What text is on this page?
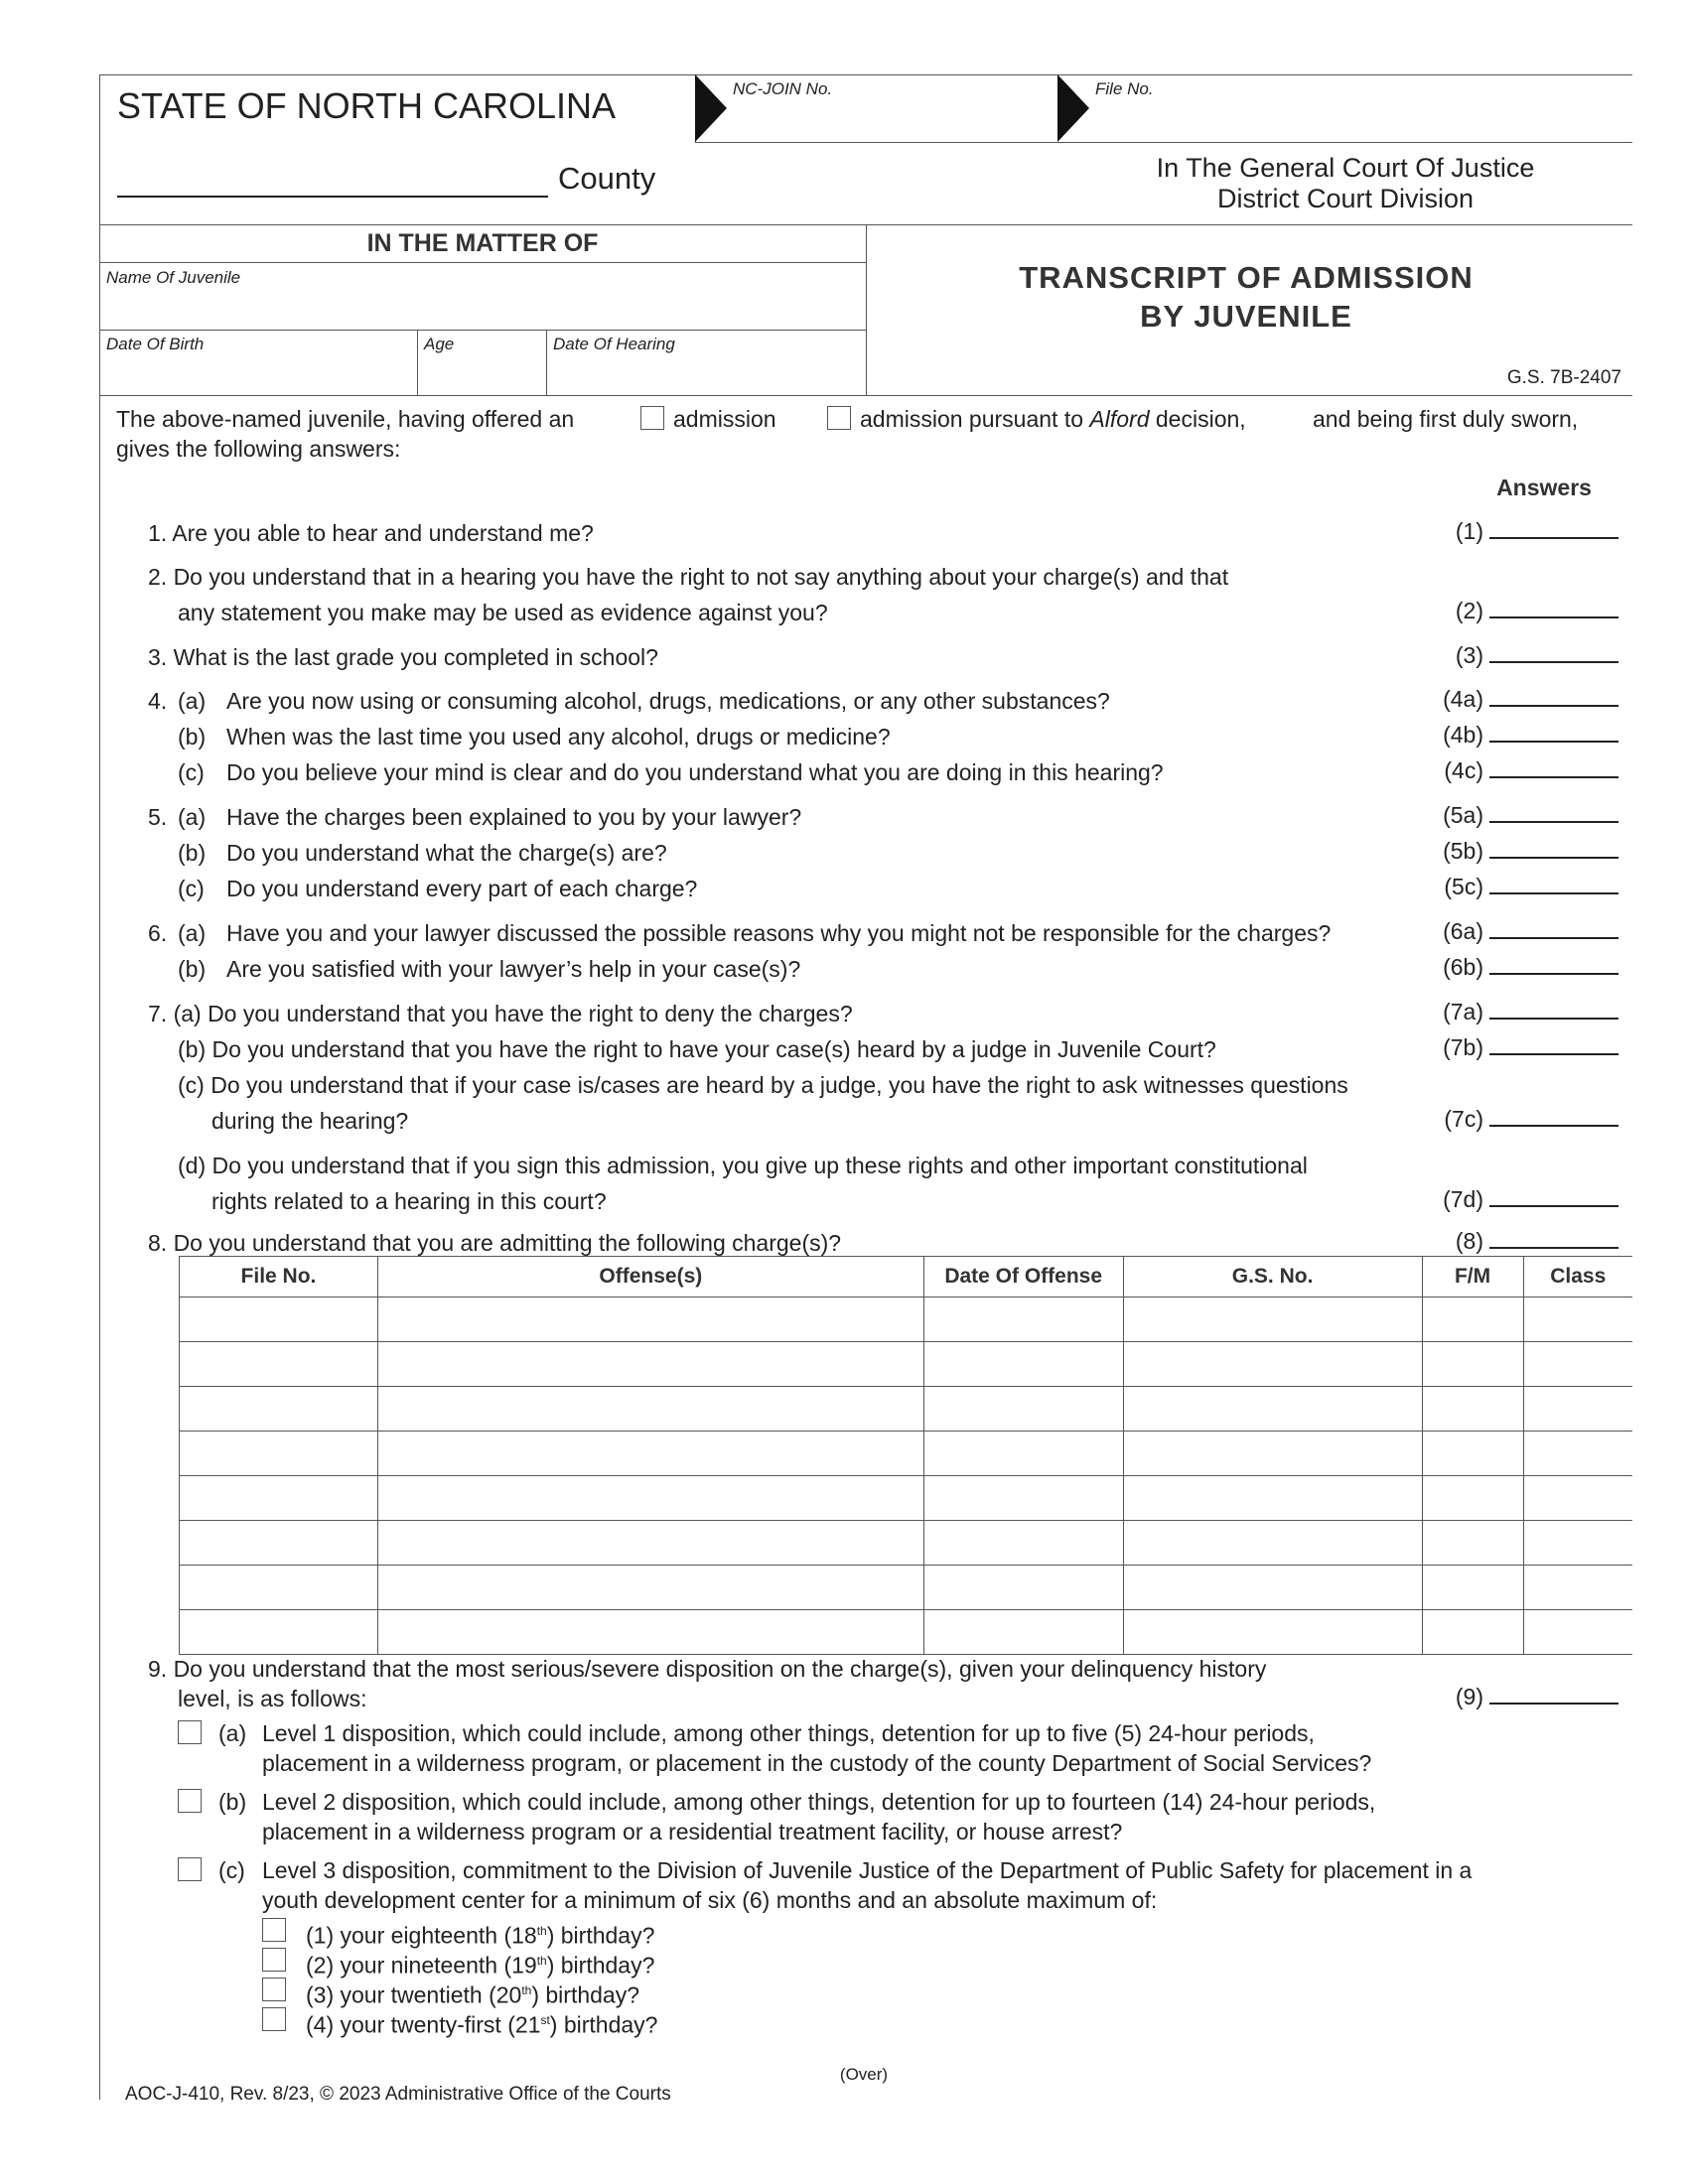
STATE OF NORTH CAROLINA
County
NC-JOIN No.	File No.
In The General Court Of Justice
District Court Division
IN THE MATTER OF
Name Of Juvenile
Date Of Birth	Age	Date Of Hearing
TRANSCRIPT OF ADMISSION
BY JUVENILE
G.S. 7B-2407
The above-named juvenile, having offered an	admission	admission pursuant to Alford decision,	and being first duly sworn,
gives the following answers:
Answers
1. Are you able to hear and understand me?	(1)
2. Do you understand that in a hearing you have the right to not say anything about your charge(s) and that
any statement you make may be used as evidence against you?	(2)
3. What is the last grade you completed in school?	(3)
4. (a) Are you now using or consuming alcohol, drugs, medications, or any other substances?	(4a)
(b) When was the last time you used any alcohol, drugs or medicine?	(4b)
(c) Do you believe your mind is clear and do you understand what you are doing in this hearing?	(4c)
5. (a) Have the charges been explained to you by your lawyer?	(5a)
(b) Do you understand what the charge(s) are?	(5b)
(c) Do you understand every part of each charge?	(5c)
6. (a) Have you and your lawyer discussed the possible reasons why you might not be responsible for the charges?	(6a)
(b) Are you satisfied with your lawyer’s help in your case(s)?	(6b)
7. (a) Do you understand that you have the right to deny the charges?	(7a)
(b) Do you understand that you have the right to have your case(s) heard by a judge in Juvenile Court?	(7b)
(c) Do you understand that if your case is/cases are heard by a judge, you have the right to ask witnesses questions
during the hearing?	(7c)
(d) Do you understand that if you sign this admission, you give up these rights and other important constitutional
rights related to a hearing in this court?	(7d)
8. Do you understand that you are admitting the following charge(s)?	(8)
File No.	Offense(s)	Date Of Offense	G.S. No.	F/M	Class

9. Do you understand that the most serious/severe disposition on the charge(s), given your delinquency history
level, is as follows:	(9)
(a) Level 1 disposition, which could include, among other things, detention for up to five (5) 24-hour periods,
placement in a wilderness program, or placement in the custody of the county Department of Social Services?
(b) Level 2 disposition, which could include, among other things, detention for up to fourteen (14) 24-hour periods,
placement in a wilderness program or a residential treatment facility, or house arrest?
(c) Level 3 disposition, commitment to the Division of Juvenile Justice of the Department of Public Safety for placement in a
youth development center for a minimum of six (6) months and an absolute maximum of:
(1) your eighteenth (18th) birthday?
(2) your nineteenth (19th) birthday?
(3) your twentieth (20th) birthday?
(4) your twenty-first (21st) birthday?
(Over)
AOC-J-410, Rev. 8/23, © 2023 Administrative Office of the Courts
